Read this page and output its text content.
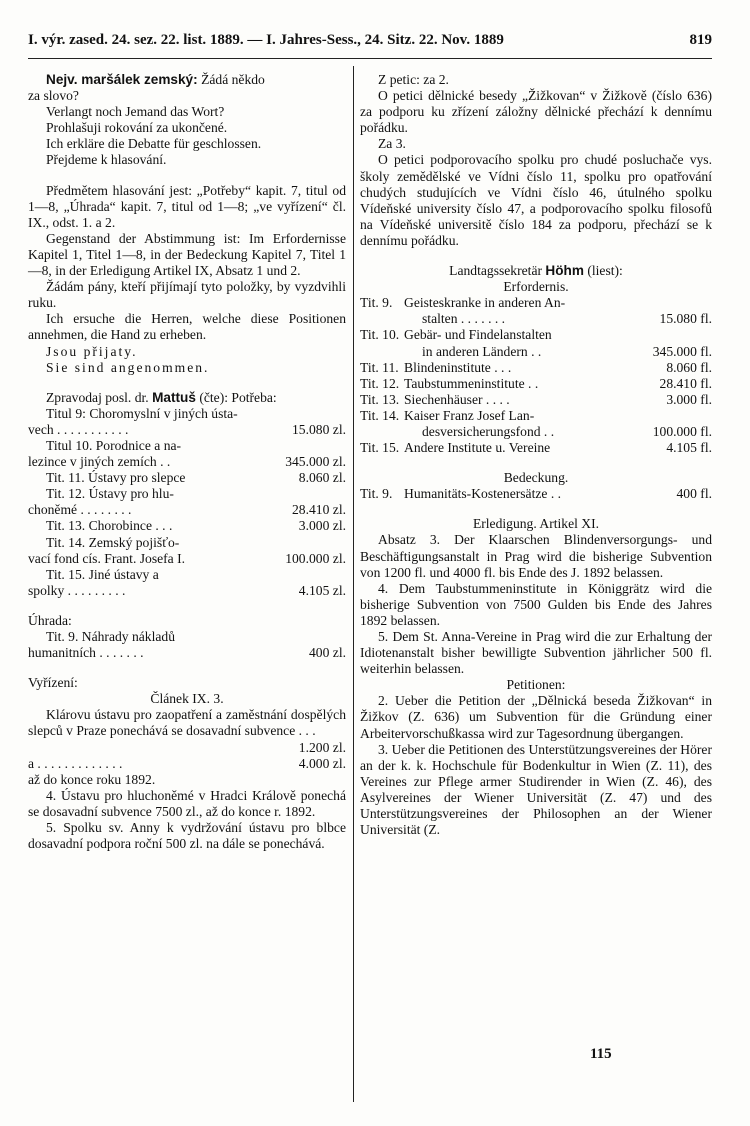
I. výr. zased. 24. sez. 22. list. 1889. — I. Jahres-Sess., 24. Sitz. 22. Nov. 1889	819

Nejv. maršálek zemský: Žádá někdo

za slovo?

Verlangt noch Jemand das Wort?

Prohlašuji rokování za ukončené.

Ich erkläre die Debatte für geschlossen.

Přejdeme k hlasování.

Předmětem hlasování jest: „Potřeby“ kapit. 7, titul od 1—8, „Úhrada“ kapit. 7, titul od 1—8; „ve vyřízení“ čl. IX., odst. 1. a 2.

Gegenstand der Abstimmung ist: Im Erfordernisse Kapitel 1, Titel 1—8, in der Bedeckung Kapitel 7, Titel 1—8, in der Erledigung Artikel IX, Absatz 1 und 2.

Žádám pány, kteří přijímají tyto položky, by vyzdvihli ruku.

Ich ersuche die Herren, welche diese Positionen annehmen, die Hand zu erheben.

Jsou přijaty.

Sie sind angenommen.

Zpravodaj posl. dr. Mattuš (čte): Potřeba:

Titul 9: Choromyslní v jiných ústa-

vech . . . . . . . . . . .	15.080 zl.

Titul 10. Porodnice a na-

lezince v jiných zemích . .	345.000 zl.
Tit. 11. Ústavy pro slepce	8.060 zl.

Tit. 12. Ústavy pro hlu-

choněmé . . . . . . . .	28.410 zl.
Tit. 13. Chorobince . . .	3.000 zl.

Tit. 14. Zemský pojišťo-

vací fond cís. Frant. Josefa I.	100.000 zl.

Tit. 15. Jiné ústavy a

spolky . . . . . . . . .	4.105 zl.

Úhrada:

Tit. 9. Náhrady nákladů

humanitních . . . . . . .	400 zl.

Vyřízení:

Článek IX. 3.

Klárovu ústavu pro zaopatření a zaměstnání dospělých slepců v Praze ponechává se dosavadní subvence . . .

1.200 zl.
a . . . . . . . . . . . . .	4.000 zl.

až do konce roku 1892.

4. Ústavu pro hluchoněmé v Hradci Králově ponechá se dosavadní subvence 7500 zl., až do konce r. 1892.

5. Spolku sv. Anny k vydržování ústavu pro blbce dosavadní podpora roční 500 zl. na dále se ponechává.

Z petic: za 2.

O petici dělnické besedy „Žižkovan“ v Žižkově (číslo 636) za podporu ku zřízení záložny dělnické přechází k dennímu pořádku.

Za 3.

O petici podporovacího spolku pro chudé posluchače vys. školy zemědělské ve Vídni číslo 11, spolku pro opatřování chudých studujících ve Vídni číslo 46, útulného spolku Vídeňské university číslo 47, a podporovacího spolku filosofů na Vídeňské universitě číslo 184 za podporu, přechází se k dennímu pořádku.

Landtagssekretär Höhm (liest):

Erfordernis.

Tit. 9. Geisteskranke in anderen An-
stalten . . . . . . .	15.080 fl.
Tit. 10. Gebär- und Findelanstalten
in anderen Ländern . .	345.000 fl.
Tit. 11. Blindeninstitute . . .	8.060 fl.
Tit. 12. Taubstummeninstitute . .	28.410 fl.
Tit. 13. Siechenhäuser . . . .	3.000 fl.
Tit. 14. Kaiser Franz Josef Lan-
desversicherungsfond . .	100.000 fl.
Tit. 15. Andere Institute u. Vereine	4.105 fl.

Bedeckung.

Tit. 9. Humanitäts-Kostenersätze . .	400 fl.

Erledigung. Artikel XI.

Absatz 3. Der Klaarschen Blindenversorgungs- und Beschäftigungsanstalt in Prag wird die bisherige Subvention von 1200 fl. und 4000 fl. bis Ende des J. 1892 belassen.

4. Dem Taubstummeninstitute in Königgrätz wird die bisherige Subvention von 7500 Gulden bis Ende des Jahres 1892 belassen.

5. Dem St. Anna-Vereine in Prag wird die zur Erhaltung der Idiotenanstalt bisher bewilligte Subvention jährlicher 500 fl. weiterhin belassen.

Petitionen:

2. Ueber die Petition der „Dělnická beseda Žižkovan“ in Žižkov (Z. 636) um Subvention für die Gründung einer Arbeitervorschußkassa wird zur Tagesordnung übergangen.

3. Ueber die Petitionen des Unterstützungsvereines der Hörer an der k. k. Hochschule für Bodenkultur in Wien (Z. 11), des Vereines zur Pflege armer Studirender in Wien (Z. 46), des Asylvereines der Wiener Universität (Z. 47) und des Unterstützungsvereines der Philosophen an der Wiener Universität (Z.

115
